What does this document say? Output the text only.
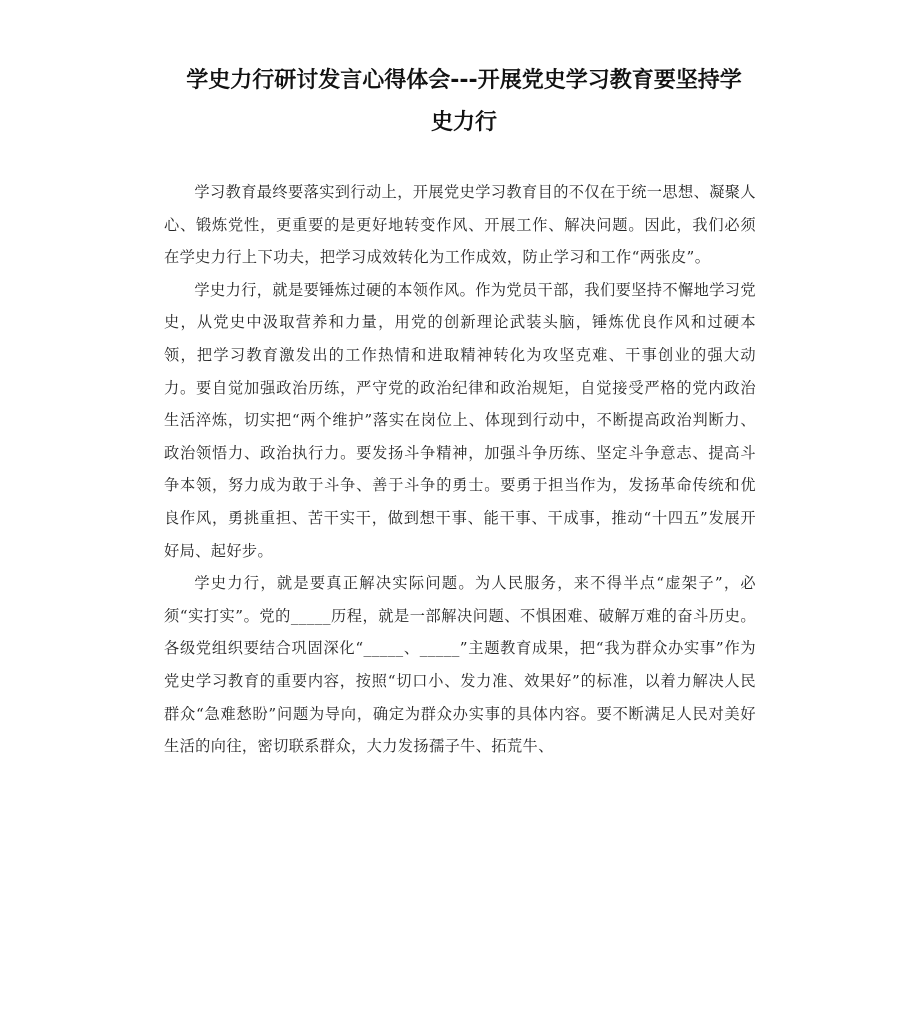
学史力行研讨发言心得体会---开展党史学习教育要坚持学
史力行

学习教育最终要落实到行动上，开展党史学习教育目的不仅在于统一思想、凝聚人心、锻炼党性，更重要的是更好地转变作风、开展工作、解决问题。因此，我们必须在学史力行上下功夫，把学习成效转化为工作成效，防止学习和工作“两张皮”。

学史力行，就是要锤炼过硬的本领作风。作为党员干部，我们要坚持不懈地学习党史，从党史中汲取营养和力量，用党的创新理论武装头脑，锤炼优良作风和过硬本领，把学习教育激发出的工作热情和进取精神转化为攻坚克难、干事创业的强大动力。要自觉加强政治历练，严守党的政治纪律和政治规矩，自觉接受严格的党内政治生活淬炼，切实把“两个维护”落实在岗位上、体现到行动中，不断提高政治判断力、政治领悟力、政治执行力。要发扬斗争精神，加强斗争历练、坚定斗争意志、提高斗争本领，努力成为敢于斗争、善于斗争的勇士。要勇于担当作为，发扬革命传统和优良作风，勇挑重担、苦干实干，做到想干事、能干事、干成事，推动“十四五”发展开好局、起好步。

学史力行，就是要真正解决实际问题。为人民服务，来不得半点“虚架子”，必须“实打实”。党的_____历程，就是一部解决问题、不惧困难、破解万难的奋斗历史。各级党组织要结合巩固深化“_____、_____”主题教育成果，把“我为群众办实事”作为党史学习教育的重要内容，按照“切口小、发力准、效果好”的标准，以着力解决人民群众“急难愁盼”问题为导向，确定为群众办实事的具体内容。要不断满足人民对美好生活的向往，密切联系群众，大力发扬孺子牛、拓荒牛、
